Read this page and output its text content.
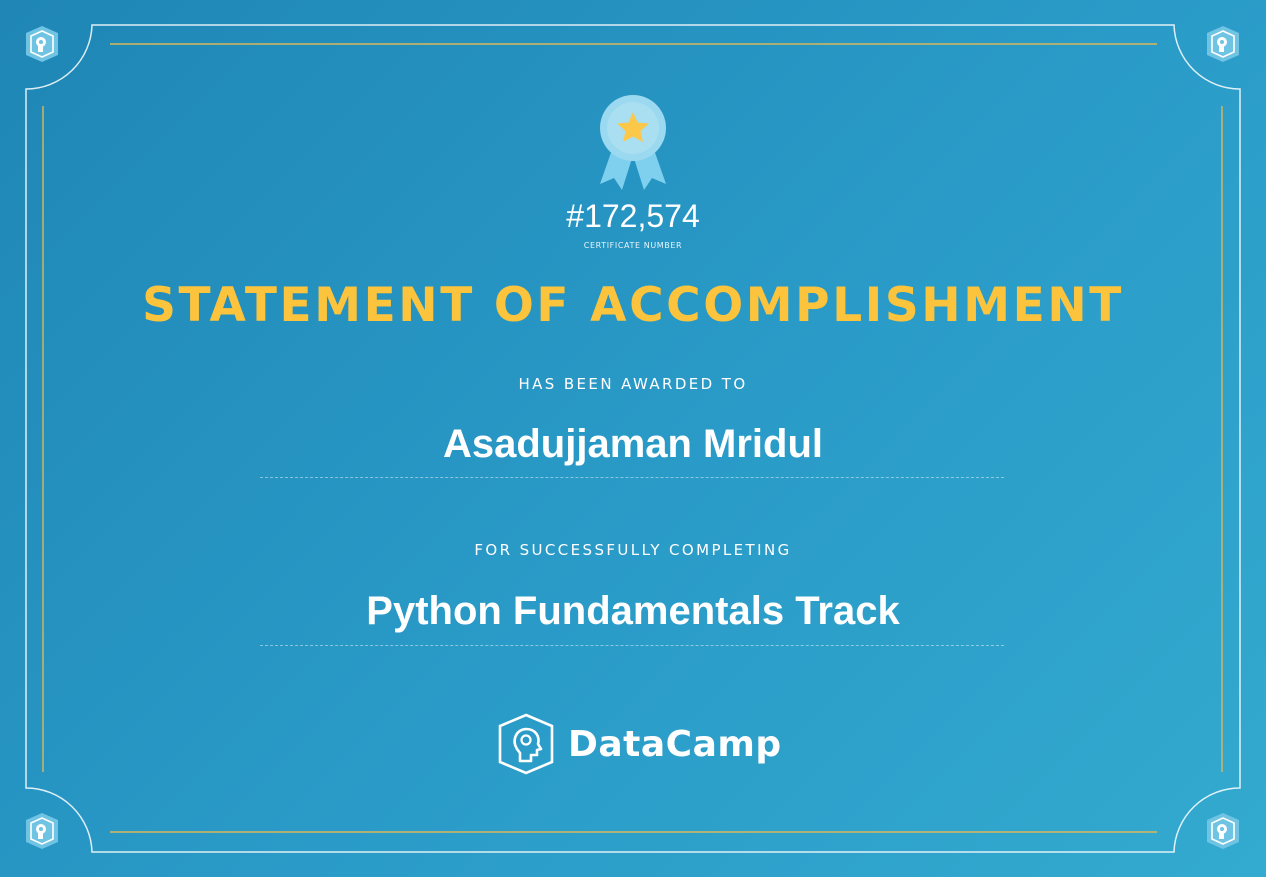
#172,574
CERTIFICATE NUMBER
STATEMENT OF ACCOMPLISHMENT
HAS BEEN AWARDED TO
Asadujjaman Mridul
FOR SUCCESSFULLY COMPLETING
Python Fundamentals Track
DataCamp
